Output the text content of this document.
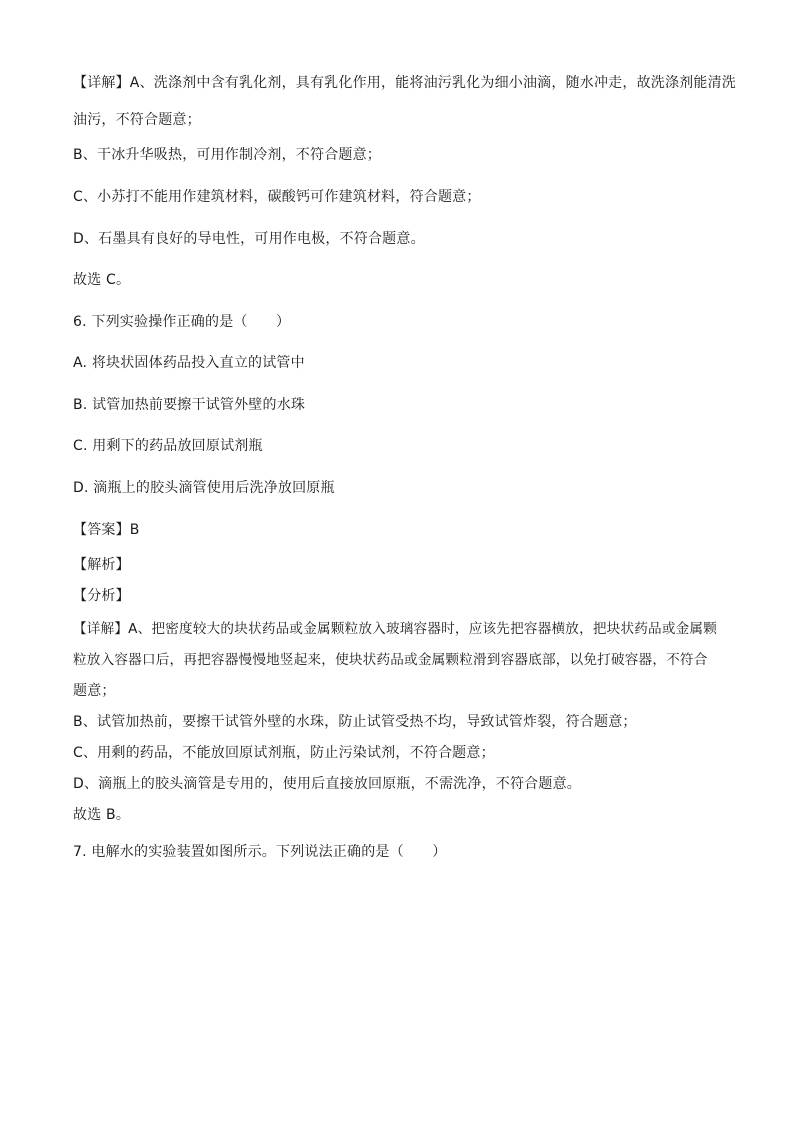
【详解】A、洗涤剂中含有乳化剂，具有乳化作用，能将油污乳化为细小油滴，随水冲走，故洗涤剂能清洗
油污，不符合题意；
B、干冰升华吸热，可用作制冷剂，不符合题意；
C、小苏打不能用作建筑材料，碳酸钙可作建筑材料，符合题意；
D、石墨具有良好的导电性，可用作电极，不符合题意。
故选 C。
6. 下列实验操作正确的是（　　）
A. 将块状固体药品投入直立的试管中
B. 试管加热前要擦干试管外壁的水珠
C. 用剩下的药品放回原试剂瓶
D. 滴瓶上的胶头滴管使用后洗净放回原瓶
【答案】B
【解析】
【分析】
【详解】A、把密度较大的块状药品或金属颗粒放入玻璃容器时，应该先把容器横放，把块状药品或金属颗
粒放入容器口后，再把容器慢慢地竖起来，使块状药品或金属颗粒滑到容器底部，以免打破容器，不符合
题意；
B、试管加热前，要擦干试管外壁的水珠，防止试管受热不均，导致试管炸裂，符合题意；
C、用剩的药品，不能放回原试剂瓶，防止污染试剂，不符合题意；
D、滴瓶上的胶头滴管是专用的，使用后直接放回原瓶，不需洗净，不符合题意。
故选 B。
7. 电解水的实验装置如图所示。下列说法正确的是（　　）
